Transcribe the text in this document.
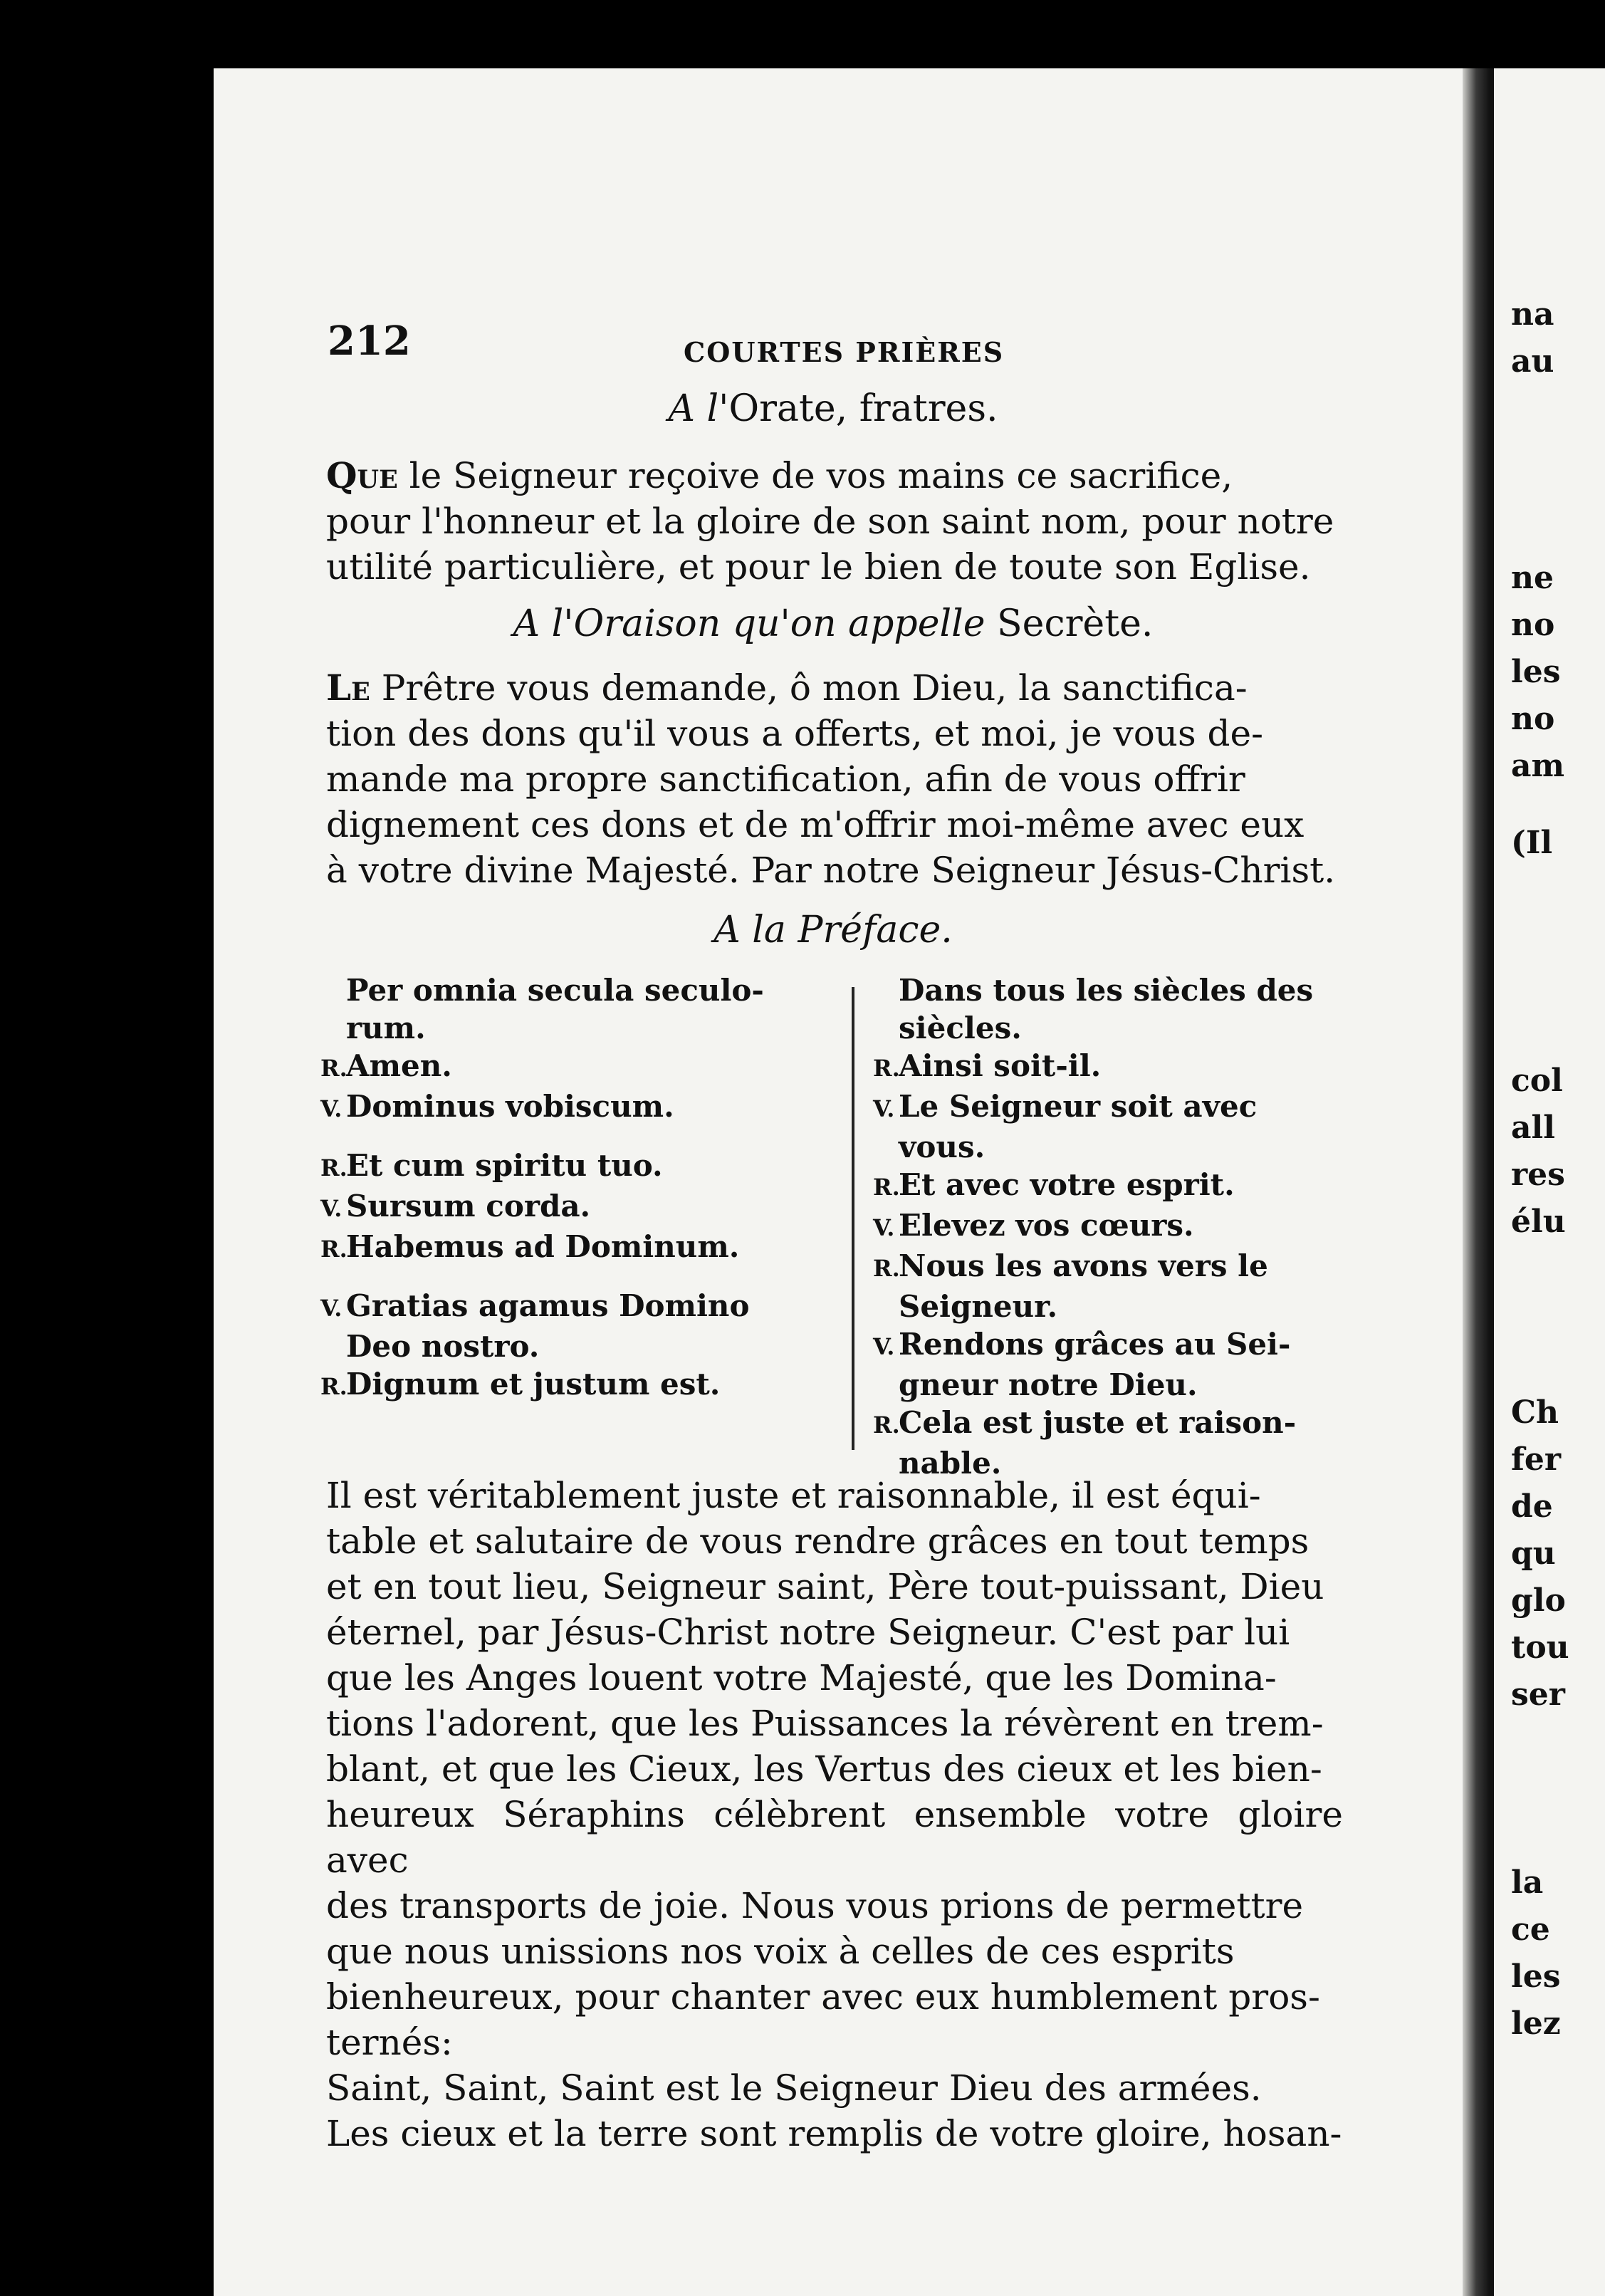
212	COURTES PRIÈRES
A l'Orate, fratres.
Que le Seigneur reçoive de vos mains ce sacrifice,
pour l'honneur et la gloire de son saint nom, pour notre
utilité particulière, et pour le bien de toute son Eglise.
A l'Oraison qu'on appelle Secrète.
Le Prêtre vous demande, ô mon Dieu, la sanctifica-
tion des dons qu'il vous a offerts, et moi, je vous de-
mande ma propre sanctification, afin de vous offrir
dignement ces dons et de m'offrir moi-même avec eux
à votre divine Majesté. Par notre Seigneur Jésus-Christ.
A la Préface.
Per omnia secula seculo-
rum.
R.Amen.
V. Dominus vobiscum.
R.Et cum spiritu tuo.
V. Sursum corda.
R.Habemus ad Dominum.
V. Gratias agamus Domino
Deo nostro.
R.Dignum et justum est.
Dans tous les siècles des
siècles.
R.Ainsi soit-il.
V. Le Seigneur soit avec
vous.
R.Et avec votre esprit.
V. Elevez vos cœurs.
R.Nous les avons vers le
Seigneur.
V. Rendons grâces au Sei-
gneur notre Dieu.
R.Cela est juste et raison-
nable.
Il est véritablement juste et raisonnable, il est équi-
table et salutaire de vous rendre grâces en tout temps
et en tout lieu, Seigneur saint, Père tout-puissant, Dieu
éternel, par Jésus-Christ notre Seigneur. C'est par lui
que les Anges louent votre Majesté, que les Domina-
tions l'adorent, que les Puissances la révèrent en trem-
blant, et que les Cieux, les Vertus des cieux et les bien-
heureux Séraphins célèbrent ensemble votre gloire avec
des transports de joie. Nous vous prions de permettre
que nous unissions nos voix à celles de ces esprits
bienheureux, pour chanter avec eux humblement pros-
ternés:
Saint, Saint, Saint est le Seigneur Dieu des armées.
Les cieux et la terre sont remplis de votre gloire, hosan-
na
au
ne
no
les
no
am
(Il
col
all
res
élu
Ch
fer
de
qu
glo
tou
ser
la
ce
les
lez
